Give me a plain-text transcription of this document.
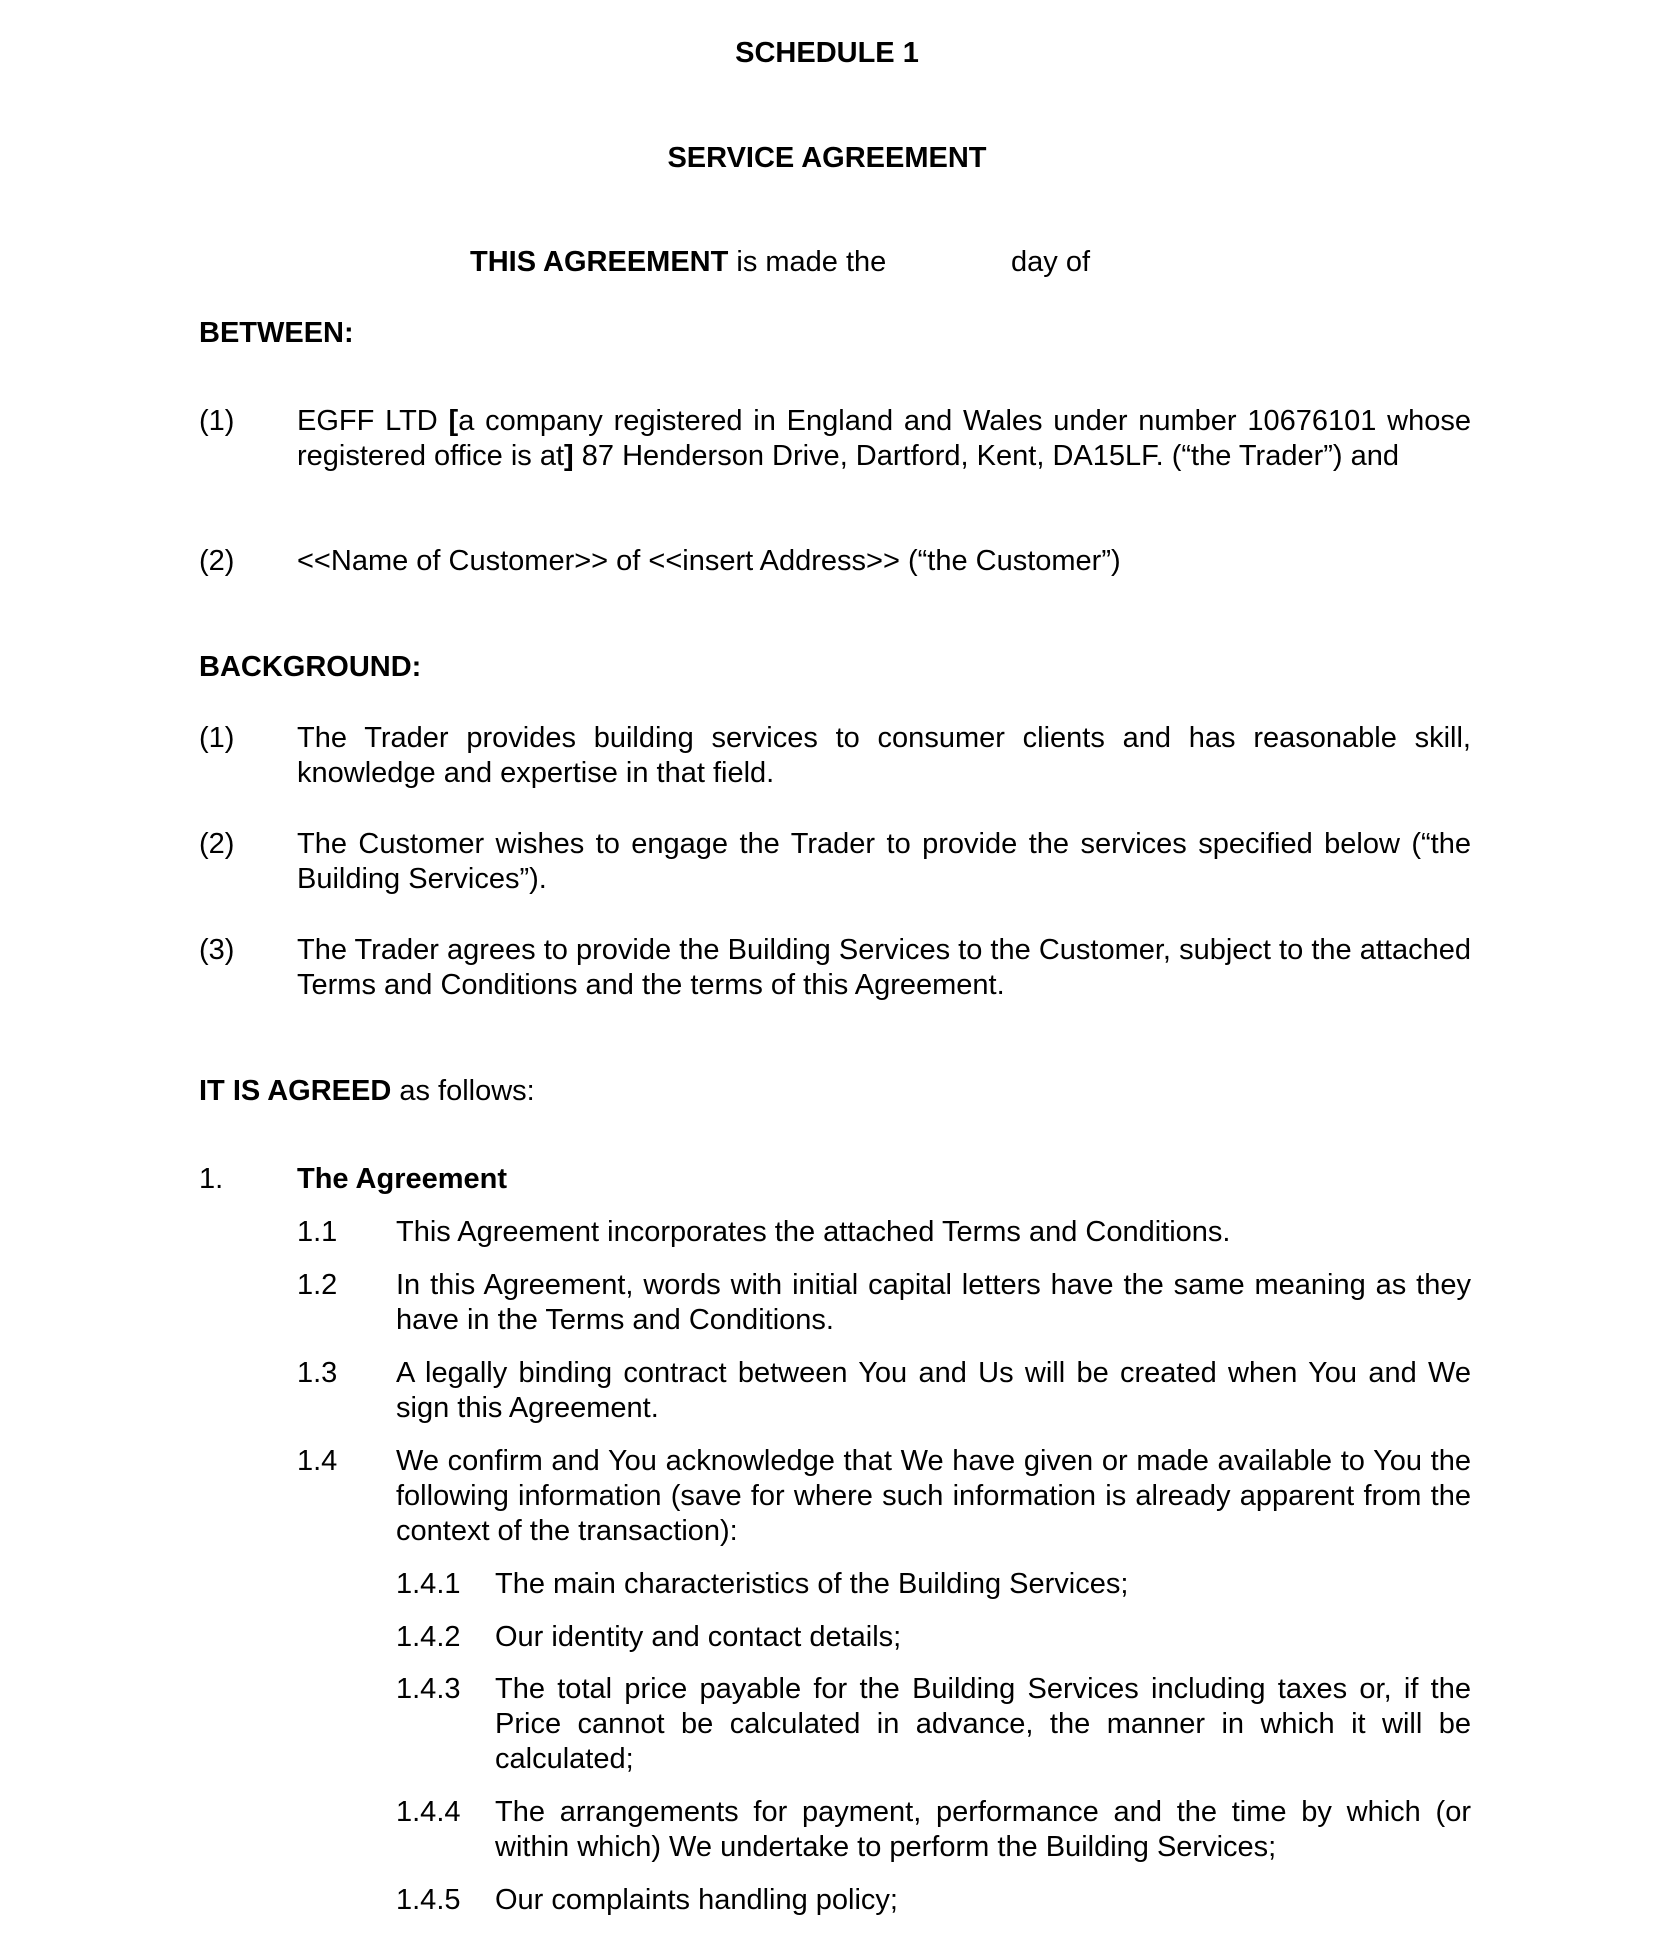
SCHEDULE 1
SERVICE AGREEMENT
THIS AGREEMENT is made the	day of
BETWEEN:
(1) EGFF LTD [a company registered in England and Wales under number 10676101 whose registered office is at] 87 Henderson Drive, Dartford, Kent, DA15LF. (“the Trader”) and
(2) <<Name of Customer>> of <<insert Address>> (“the Customer”)
BACKGROUND:
(1) The Trader provides building services to consumer clients and has reasonable skill, knowledge and expertise in that field.
(2) The Customer wishes to engage the Trader to provide the services specified below (“the Building Services”).
(3) The Trader agrees to provide the Building Services to the Customer, subject to the attached Terms and Conditions and the terms of this Agreement.
IT IS AGREED as follows:
1.	The Agreement
1.1 This Agreement incorporates the attached Terms and Conditions.
1.2 In this Agreement, words with initial capital letters have the same meaning as they have in the Terms and Conditions.
1.3 A legally binding contract between You and Us will be created when You and We sign this Agreement.
1.4 We confirm and You acknowledge that We have given or made available to You the following information (save for where such information is already apparent from the context of the transaction):
1.4.1 The main characteristics of the Building Services;
1.4.2 Our identity and contact details;
1.4.3 The total price payable for the Building Services including taxes or, if the Price cannot be calculated in advance, the manner in which it will be calculated;
1.4.4 The arrangements for payment, performance and the time by which (or within which) We undertake to perform the Building Services;
1.4.5 Our complaints handling policy;
